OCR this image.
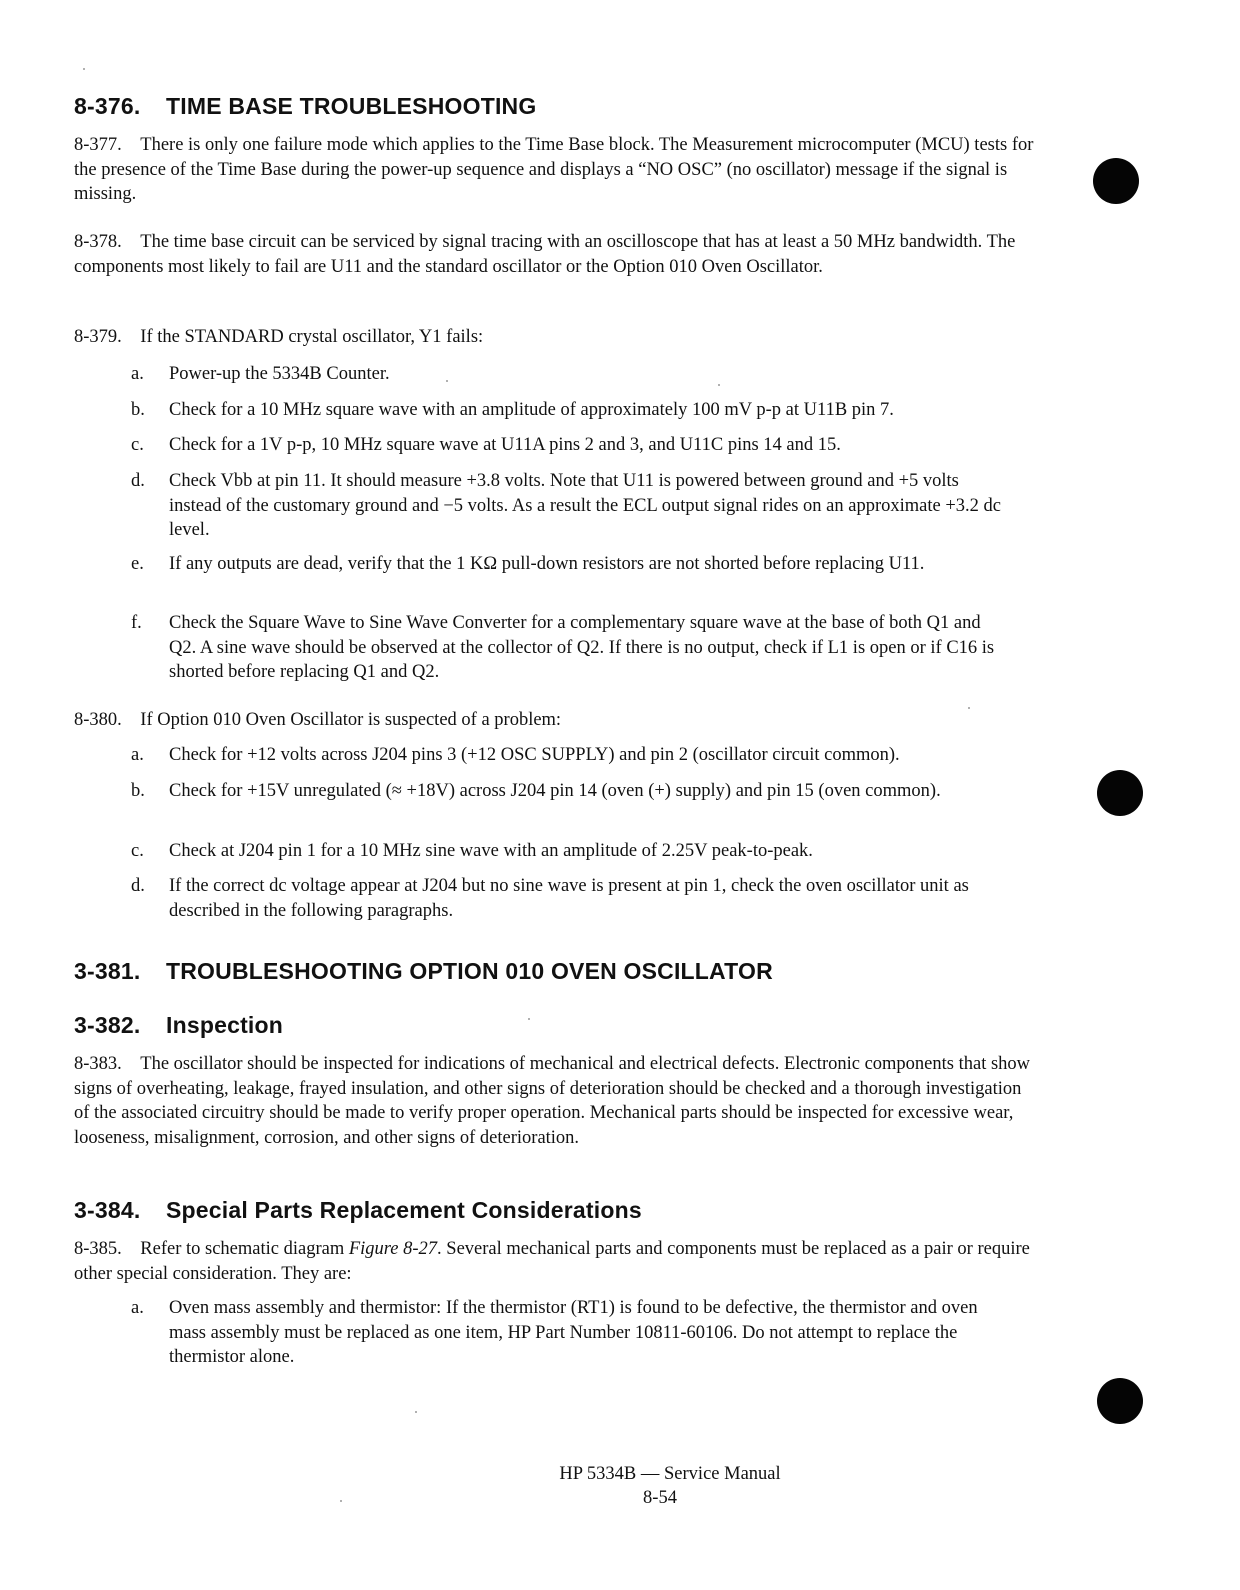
8-376. TIME BASE TROUBLESHOOTING

8-377. There is only one failure mode which applies to the Time Base block. The Measurement microcomputer (MCU) tests for the presence of the Time Base during the power-up sequence and displays a “NO OSC” (no oscillator) message if the signal is missing.

8-378. The time base circuit can be serviced by signal tracing with an oscilloscope that has at least a 50 MHz bandwidth. The components most likely to fail are U11 and the standard oscillator or the Option 010 Oven Oscillator.

8-379. If the STANDARD crystal oscillator, Y1 fails:

a.	Power-up the 5334B Counter.
b.	Check for a 10 MHz square wave with an amplitude of approximately 100 mV p-p at U11B pin 7.
c.	Check for a 1V p-p, 10 MHz square wave at U11A pins 2 and 3, and U11C pins 14 and 15.
d.	Check Vbb at pin 11. It should measure +3.8 volts. Note that U11 is powered between ground and +5 volts instead of the customary ground and −5 volts. As a result the ECL output signal rides on an approximate +3.2 dc level.
e.	If any outputs are dead, verify that the 1 KΩ pull-down resistors are not shorted before replacing U11.
f.	Check the Square Wave to Sine Wave Converter for a complementary square wave at the base of both Q1 and Q2. A sine wave should be observed at the collector of Q2. If there is no output, check if L1 is open or if C16 is shorted before replacing Q1 and Q2.

8-380. If Option 010 Oven Oscillator is suspected of a problem:

a.	Check for +12 volts across J204 pins 3 (+12 OSC SUPPLY) and pin 2 (oscillator circuit common).
b.	Check for +15V unregulated (≈ +18V) across J204 pin 14 (oven (+) supply) and pin 15 (oven common).
c.	Check at J204 pin 1 for a 10 MHz sine wave with an amplitude of 2.25V peak-to-peak.
d.	If the correct dc voltage appear at J204 but no sine wave is present at pin 1, check the oven oscillator unit as described in the following paragraphs.
3-381. TROUBLESHOOTING OPTION 010 OVEN OSCILLATOR
3-382. Inspection

8-383. The oscillator should be inspected for indications of mechanical and electrical defects. Electronic components that show signs of overheating, leakage, frayed insulation, and other signs of deterioration should be checked and a thorough investigation of the associated circuitry should be made to verify proper operation. Mechanical parts should be inspected for excessive wear, looseness, misalignment, corrosion, and other signs of deterioration.

3-384. Special Parts Replacement Considerations

8-385. Refer to schematic diagram Figure 8-27. Several mechanical parts and components must be replaced as a pair or require other special consideration. They are:

a.	Oven mass assembly and thermistor: If the thermistor (RT1) is found to be defective, the thermistor and oven mass assembly must be replaced as one item, HP Part Number 10811-60106. Do not attempt to replace the thermistor alone.
HP 5334B — Service Manual
8-54
